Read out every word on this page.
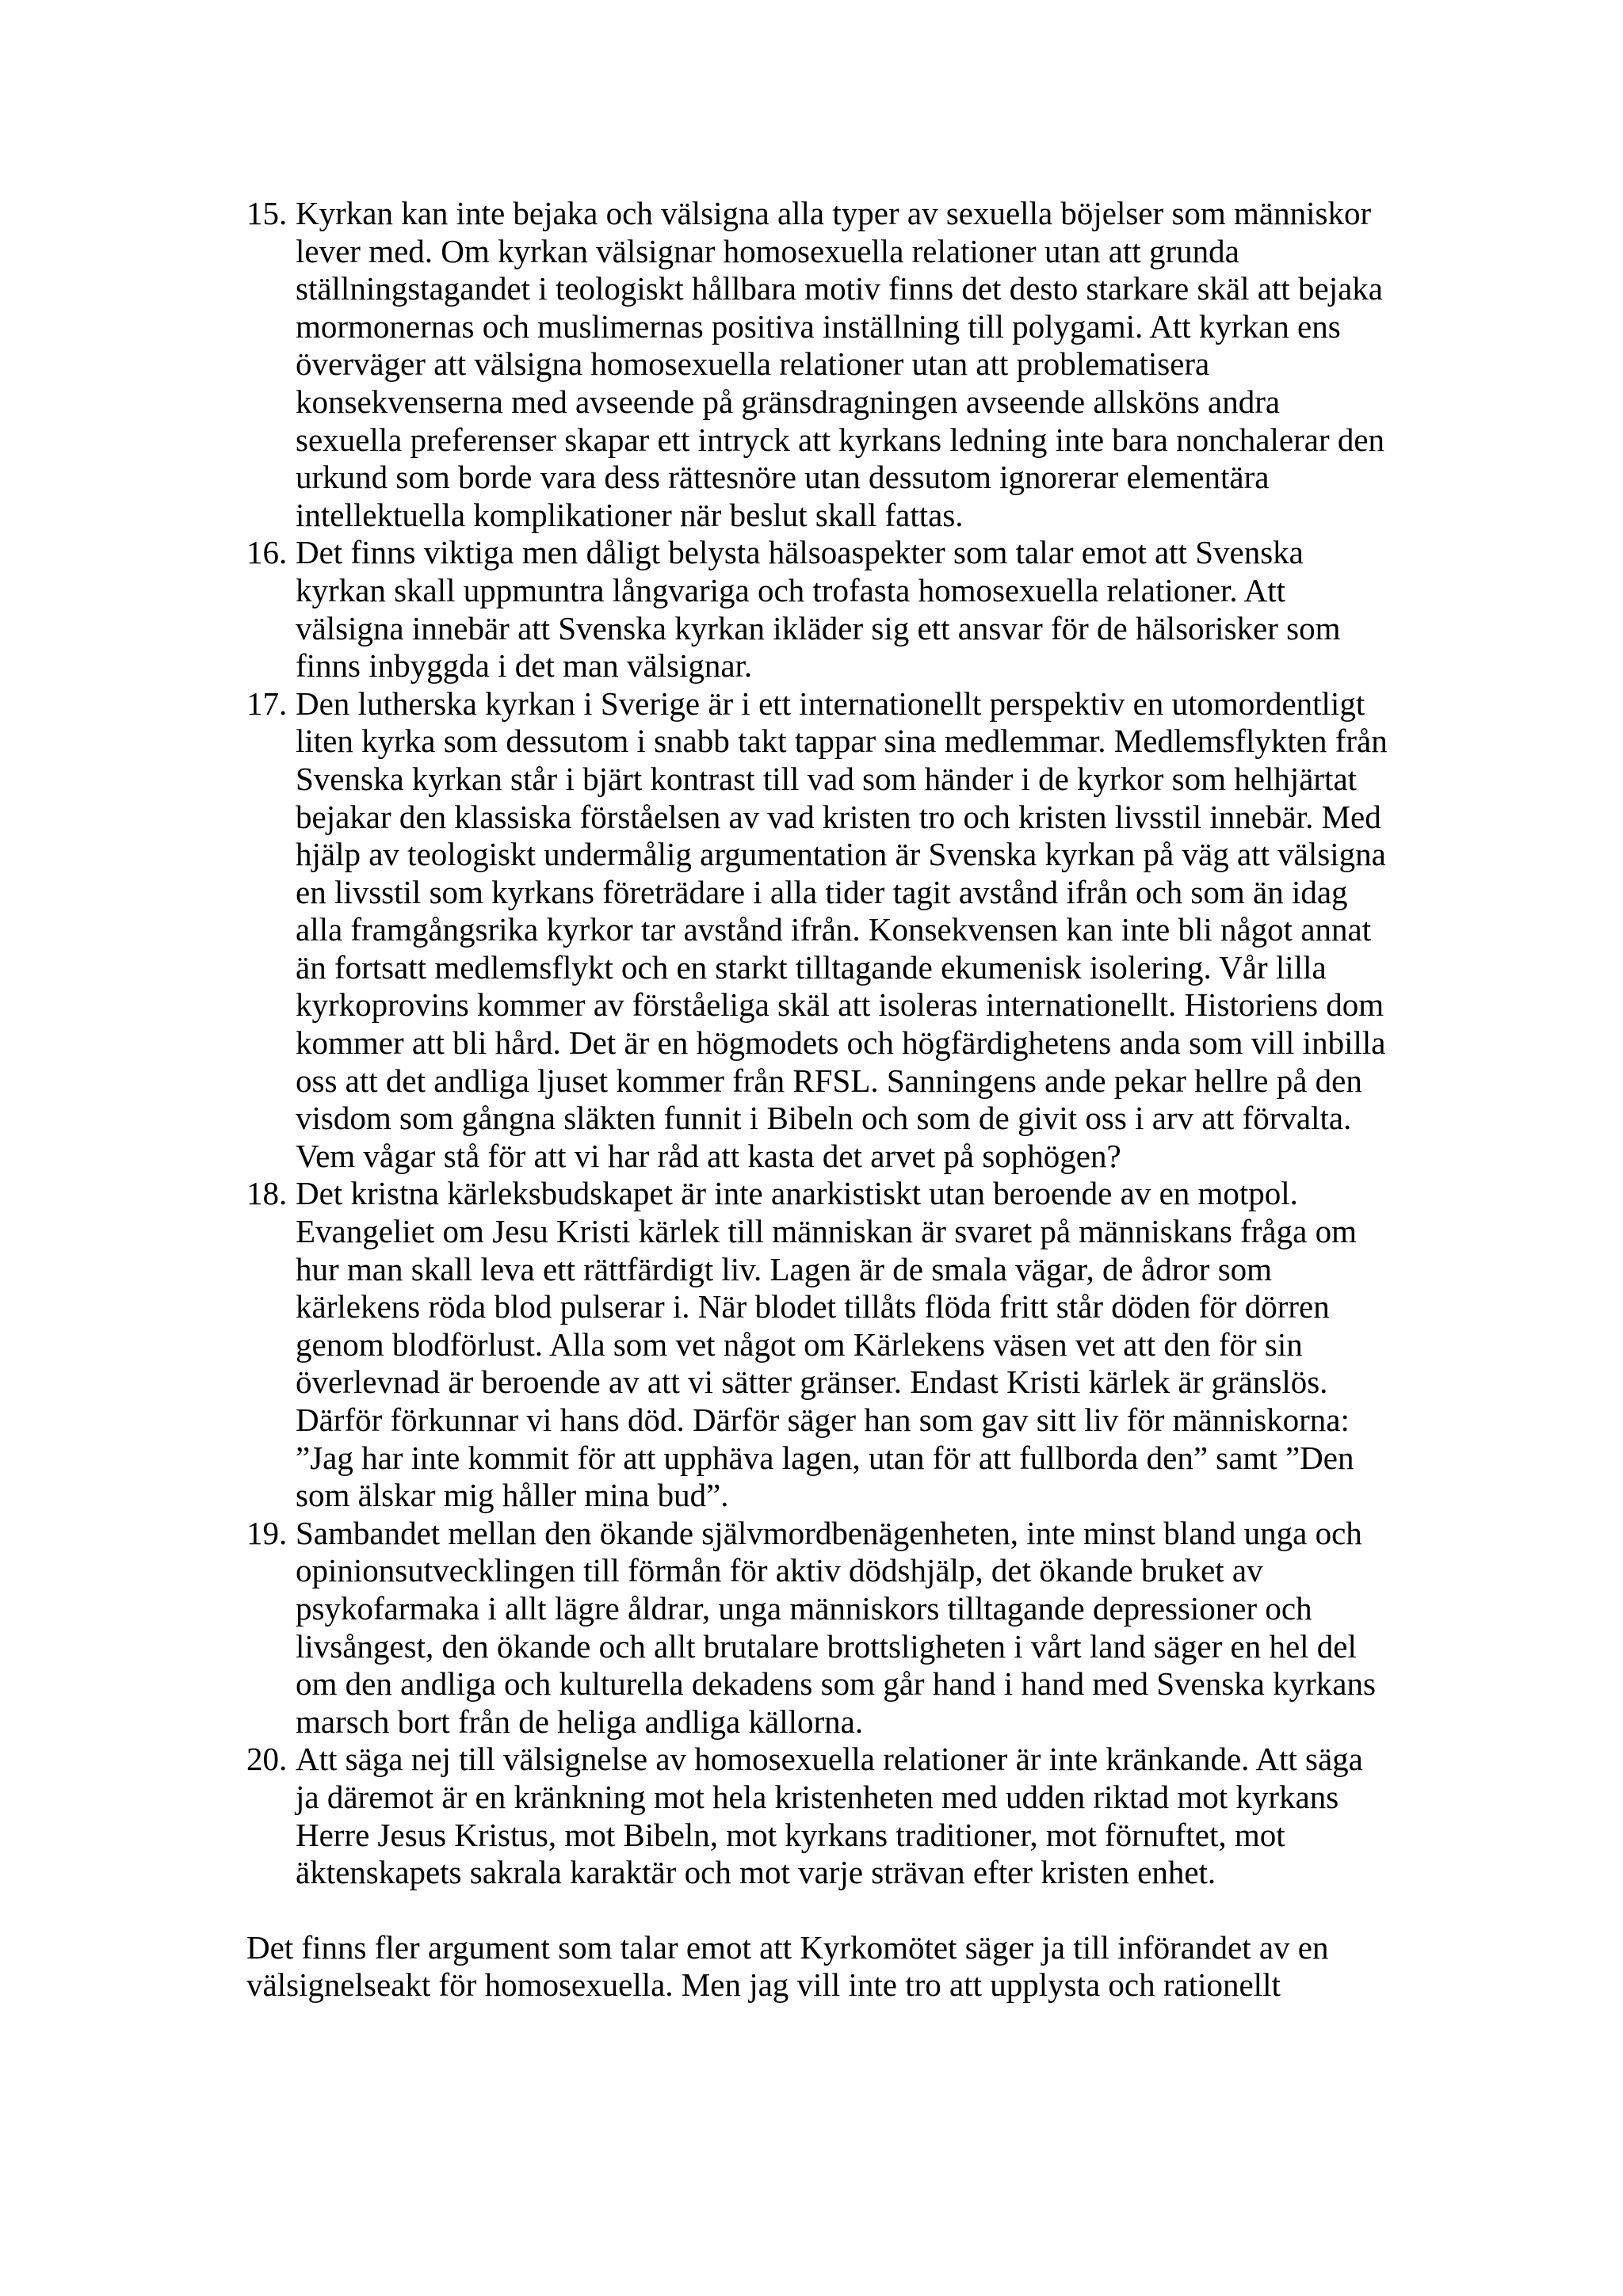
15. Kyrkan kan inte bejaka och välsigna alla typer av sexuella böjelser som människor lever med. Om kyrkan välsignar homosexuella relationer utan att grunda ställningstagandet i teologiskt hållbara motiv finns det desto starkare skäl att bejaka mormonernas och muslimernas positiva inställning till polygami. Att kyrkan ens överväger att välsigna homosexuella relationer utan att problematisera konsekvenserna med avseende på gränsdragningen avseende allsköns andra sexuella preferenser skapar ett intryck att kyrkans ledning inte bara nonchalerar den urkund som borde vara dess rättesnöre utan dessutom ignorerar elementära intellektuella komplikationer när beslut skall fattas.
16. Det finns viktiga men dåligt belysta hälsoaspekter som talar emot att Svenska kyrkan skall uppmuntra långvariga och trofasta homosexuella relationer. Att välsigna innebär att Svenska kyrkan ikläder sig ett ansvar för de hälsorisker som finns inbyggda i det man välsignar.
17. Den lutherska kyrkan i Sverige är i ett internationellt perspektiv en utomordentligt liten kyrka som dessutom i snabb takt tappar sina medlemmar. Medlemsflykten från Svenska kyrkan står i bjärt kontrast till vad som händer i de kyrkor som helhjärtat bejakar den klassiska förståelsen av vad kristen tro och kristen livsstil innebär. Med hjälp av teologiskt undermålig argumentation är Svenska kyrkan på väg att välsigna en livsstil som kyrkans företrädare i alla tider tagit avstånd ifrån och som än idag alla framgångsrika kyrkor tar avstånd ifrån. Konsekvensen kan inte bli något annat än fortsatt medlemsflykt och en starkt tilltagande ekumenisk isolering. Vår lilla kyrkoprovins kommer av förståeliga skäl att isoleras internationellt. Historiens dom kommer att bli hård. Det är en högmodets och högfärdighetens anda som vill inbilla oss att det andliga ljuset kommer från RFSL. Sanningens ande pekar hellre på den visdom som gångna släkten funnit i Bibeln och som de givit oss i arv att förvalta. Vem vågar stå för att vi har råd att kasta det arvet på sophögen?
18. Det kristna kärleksbudskapet är inte anarkistiskt utan beroende av en motpol. Evangeliet om Jesu Kristi kärlek till människan är svaret på människans fråga om hur man skall leva ett rättfärdigt liv. Lagen är de smala vägar, de ådror som kärlekens röda blod pulserar i. När blodet tillåts flöda fritt står döden för dörren genom blodförlust. Alla som vet något om Kärlekens väsen vet att den för sin överlevnad är beroende av att vi sätter gränser. Endast Kristi kärlek är gränslös. Därför förkunnar vi hans död. Därför säger han som gav sitt liv för människorna: ”Jag har inte kommit för att upphäva lagen, utan för att fullborda den” samt ”Den som älskar mig håller mina bud”.
19. Sambandet mellan den ökande självmordbenägenheten, inte minst bland unga och opinionsutvecklingen till förmån för aktiv dödshjälp, det ökande bruket av psykofarmaka i allt lägre åldrar, unga människors tilltagande depressioner och livsångest, den ökande och allt brutalare brottsligheten i vårt land säger en hel del om den andliga och kulturella dekadens som går hand i hand med Svenska kyrkans marsch bort från de heliga andliga källorna.
20. Att säga nej till välsignelse av homosexuella relationer är inte kränkande. Att säga ja däremot är en kränkning mot hela kristenheten med udden riktad mot kyrkans Herre Jesus Kristus, mot Bibeln, mot kyrkans traditioner, mot förnuftet, mot äktenskapets sakrala karaktär och mot varje strävan efter kristen enhet.

Det finns fler argument som talar emot att Kyrkomötet säger ja till införandet av en välsignelseakt för homosexuella. Men jag vill inte tro att upplysta och rationellt
